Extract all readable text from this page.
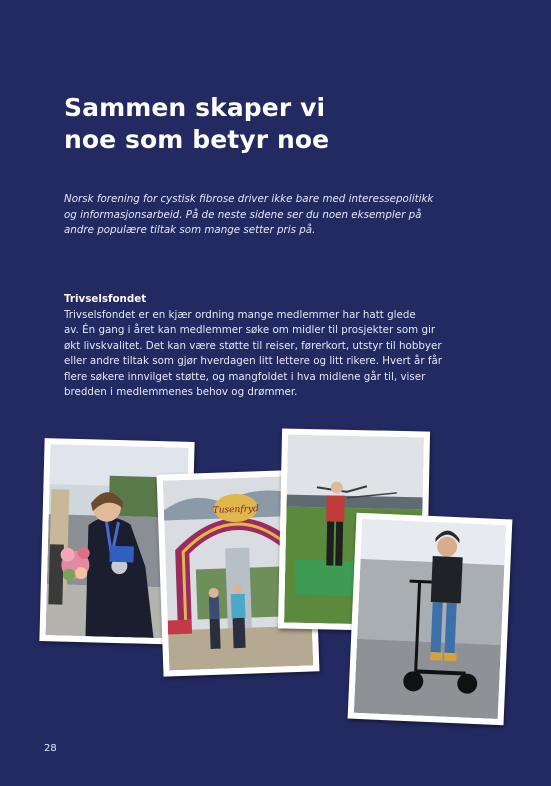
Sammen skaper vi
noe som betyr noe

Norsk forening for cystisk fibrose driver ikke bare med interessepolitikk
og informasjonsarbeid. På de neste sidene ser du noen eksempler på
andre populære tiltak som mange setter pris på.

Trivselsfondet

Trivselsfondet er en kjær ordning mange medlemmer har hatt glede
av. Én gang i året kan medlemmer søke om midler til prosjekter som gir
økt livskvalitet. Det kan være støtte til reiser, førerkort, utstyr til hobbyer
eller andre tiltak som gjør hverdagen litt lettere og litt rikere. Hvert år får
flere søkere innvilget støtte, og mangfoldet i hva midlene går til, viser
bredden i medlemmenes behov og drømmer.

Tusenfryd
28
